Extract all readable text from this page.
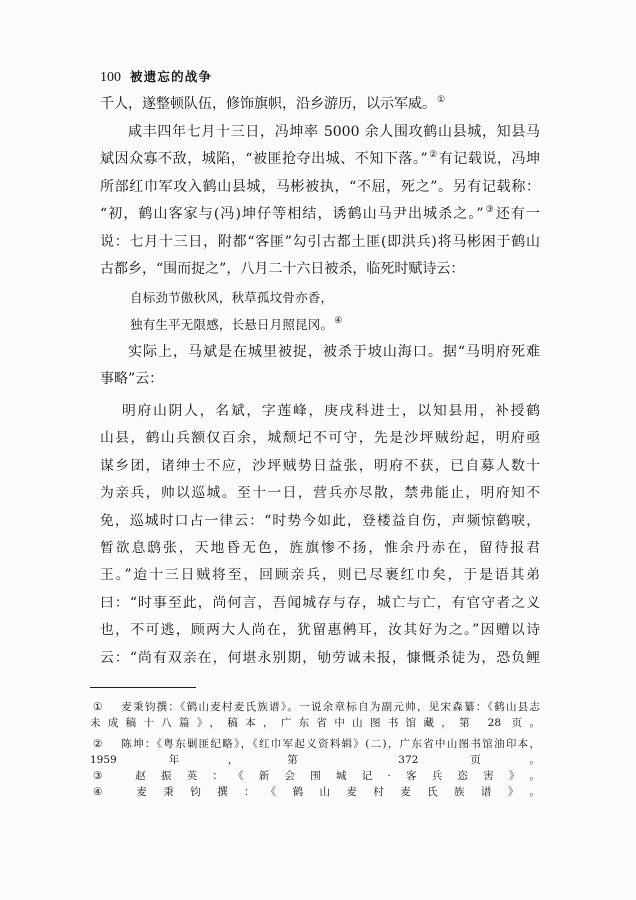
100 被遗忘的战争
千人，遂整顿队伍，修饰旗帜，沿乡游历，以示军威。①
咸丰四年七月十三日，冯坤率 5000 余人围攻鹤山县城，知县马
斌因众寡不敌，城陷，“被匪抢夺出城、不知下落。”②有记载说，冯坤
所部红巾军攻入鹤山县城，马彬被执，“不屈，死之”。另有记载称：
“初，鹤山客家与(冯)坤仔等相结，诱鹤山马尹出城杀之。”③还有一
说：七月十三日，附都“客匪”勾引古都土匪(即洪兵)将马彬困于鹤山
古都乡，“围而捉之”，八月二十六日被杀，临死时赋诗云：
自标劲节傲秋风，秋草孤坟骨亦香，
独有生平无限感，长悬日月照昆冈。④
实际上，马斌是在城里被捉，被杀于坡山海口。据“马明府死难
事略”云：
明府山阴人，名斌，字莲峰，庚戌科进士，以知县用，补授鹤
山县，鹤山兵额仅百余，城颓圮不可守，先是沙坪贼纷起，明府亟
谋乡团，诸绅士不应，沙坪贼势日益张，明府不获，已自募人数十
为亲兵，帅以巡城。至十一日，营兵亦尽散，禁弗能止，明府知不
免，巡城时口占一律云：“时势今如此，登楼益自伤，声频惊鹤唳，
暂欲息鸱张，天地昏无色，旌旗惨不扬，惟余丹赤在，留待报君
王。”迨十三日贼将至，回顾亲兵，则已尽裹红巾矣，于是语其弟
曰：“时事至此，尚何言，吾闻城存与存，城亡与亡，有官守者之义
也，不可逃，顾两大人尚在，犹留惠鸺耳，汝其好为之。”因赠以诗
云：“尚有双亲在，何堪永别期，劬劳诚未报，慷慨杀徒为，恐负鲤
① 麦秉钧撰：《鹤山麦村麦氏族谱》。一说余章标自为副元帅，见宋森纂：《鹤山县志
未成稿十八篇》，稿本，广东省中山图书馆藏，第 28 页。
② 陈坤：《粤东剿匪纪略》，《红巾军起义资料辑》(二)，广东省中山图书馆油印本，
1959 年，第 372 页。
③ 赵振英：《新会围城记·客兵恣害》。
④ 麦秉钧撰：《鹤山麦村麦氏族谱》。
